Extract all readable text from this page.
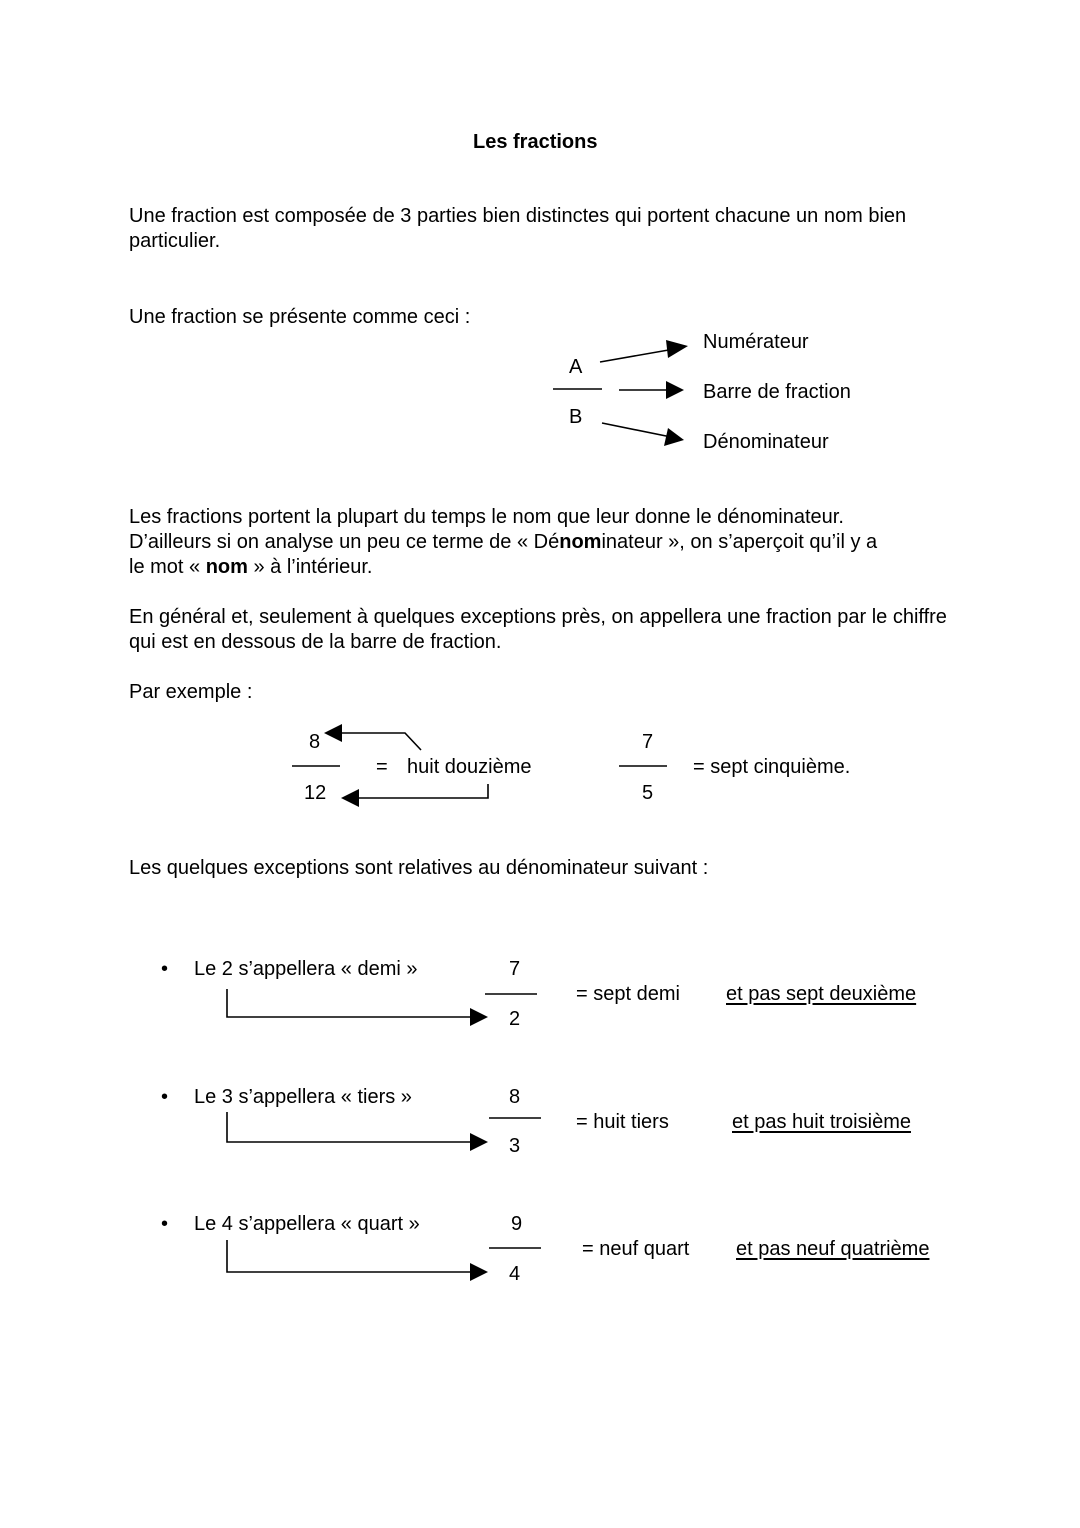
Les fractions
Une fraction est composée de 3 parties bien distinctes qui portent chacune un nom bien particulier.
Une fraction se présente comme ceci :
A
B
Numérateur
Barre de fraction
Dénominateur
Les fractions portent la plupart du temps le nom que leur donne le dénominateur.
D’ailleurs si on analyse un peu ce terme de « Dénominateur », on s’aperçoit qu’il y a
le mot « nom » à l’intérieur.
En général et, seulement à quelques exceptions près, on appellera une fraction par le chiffre qui est en dessous de la barre de fraction.
Par exemple :
8
12
= huit douzième
7
5
= sept cinquième.
Les quelques exceptions sont relatives au dénominateur suivant :
• Le 2 s’appellera « demi »	7
2
= sept demi et pas sept deuxième
• Le 3 s’appellera « tiers »	8
3
= huit tiers	et pas huit troisième
• Le 4 s’appellera « quart »	9
4
= neuf quart et pas neuf quatrième
